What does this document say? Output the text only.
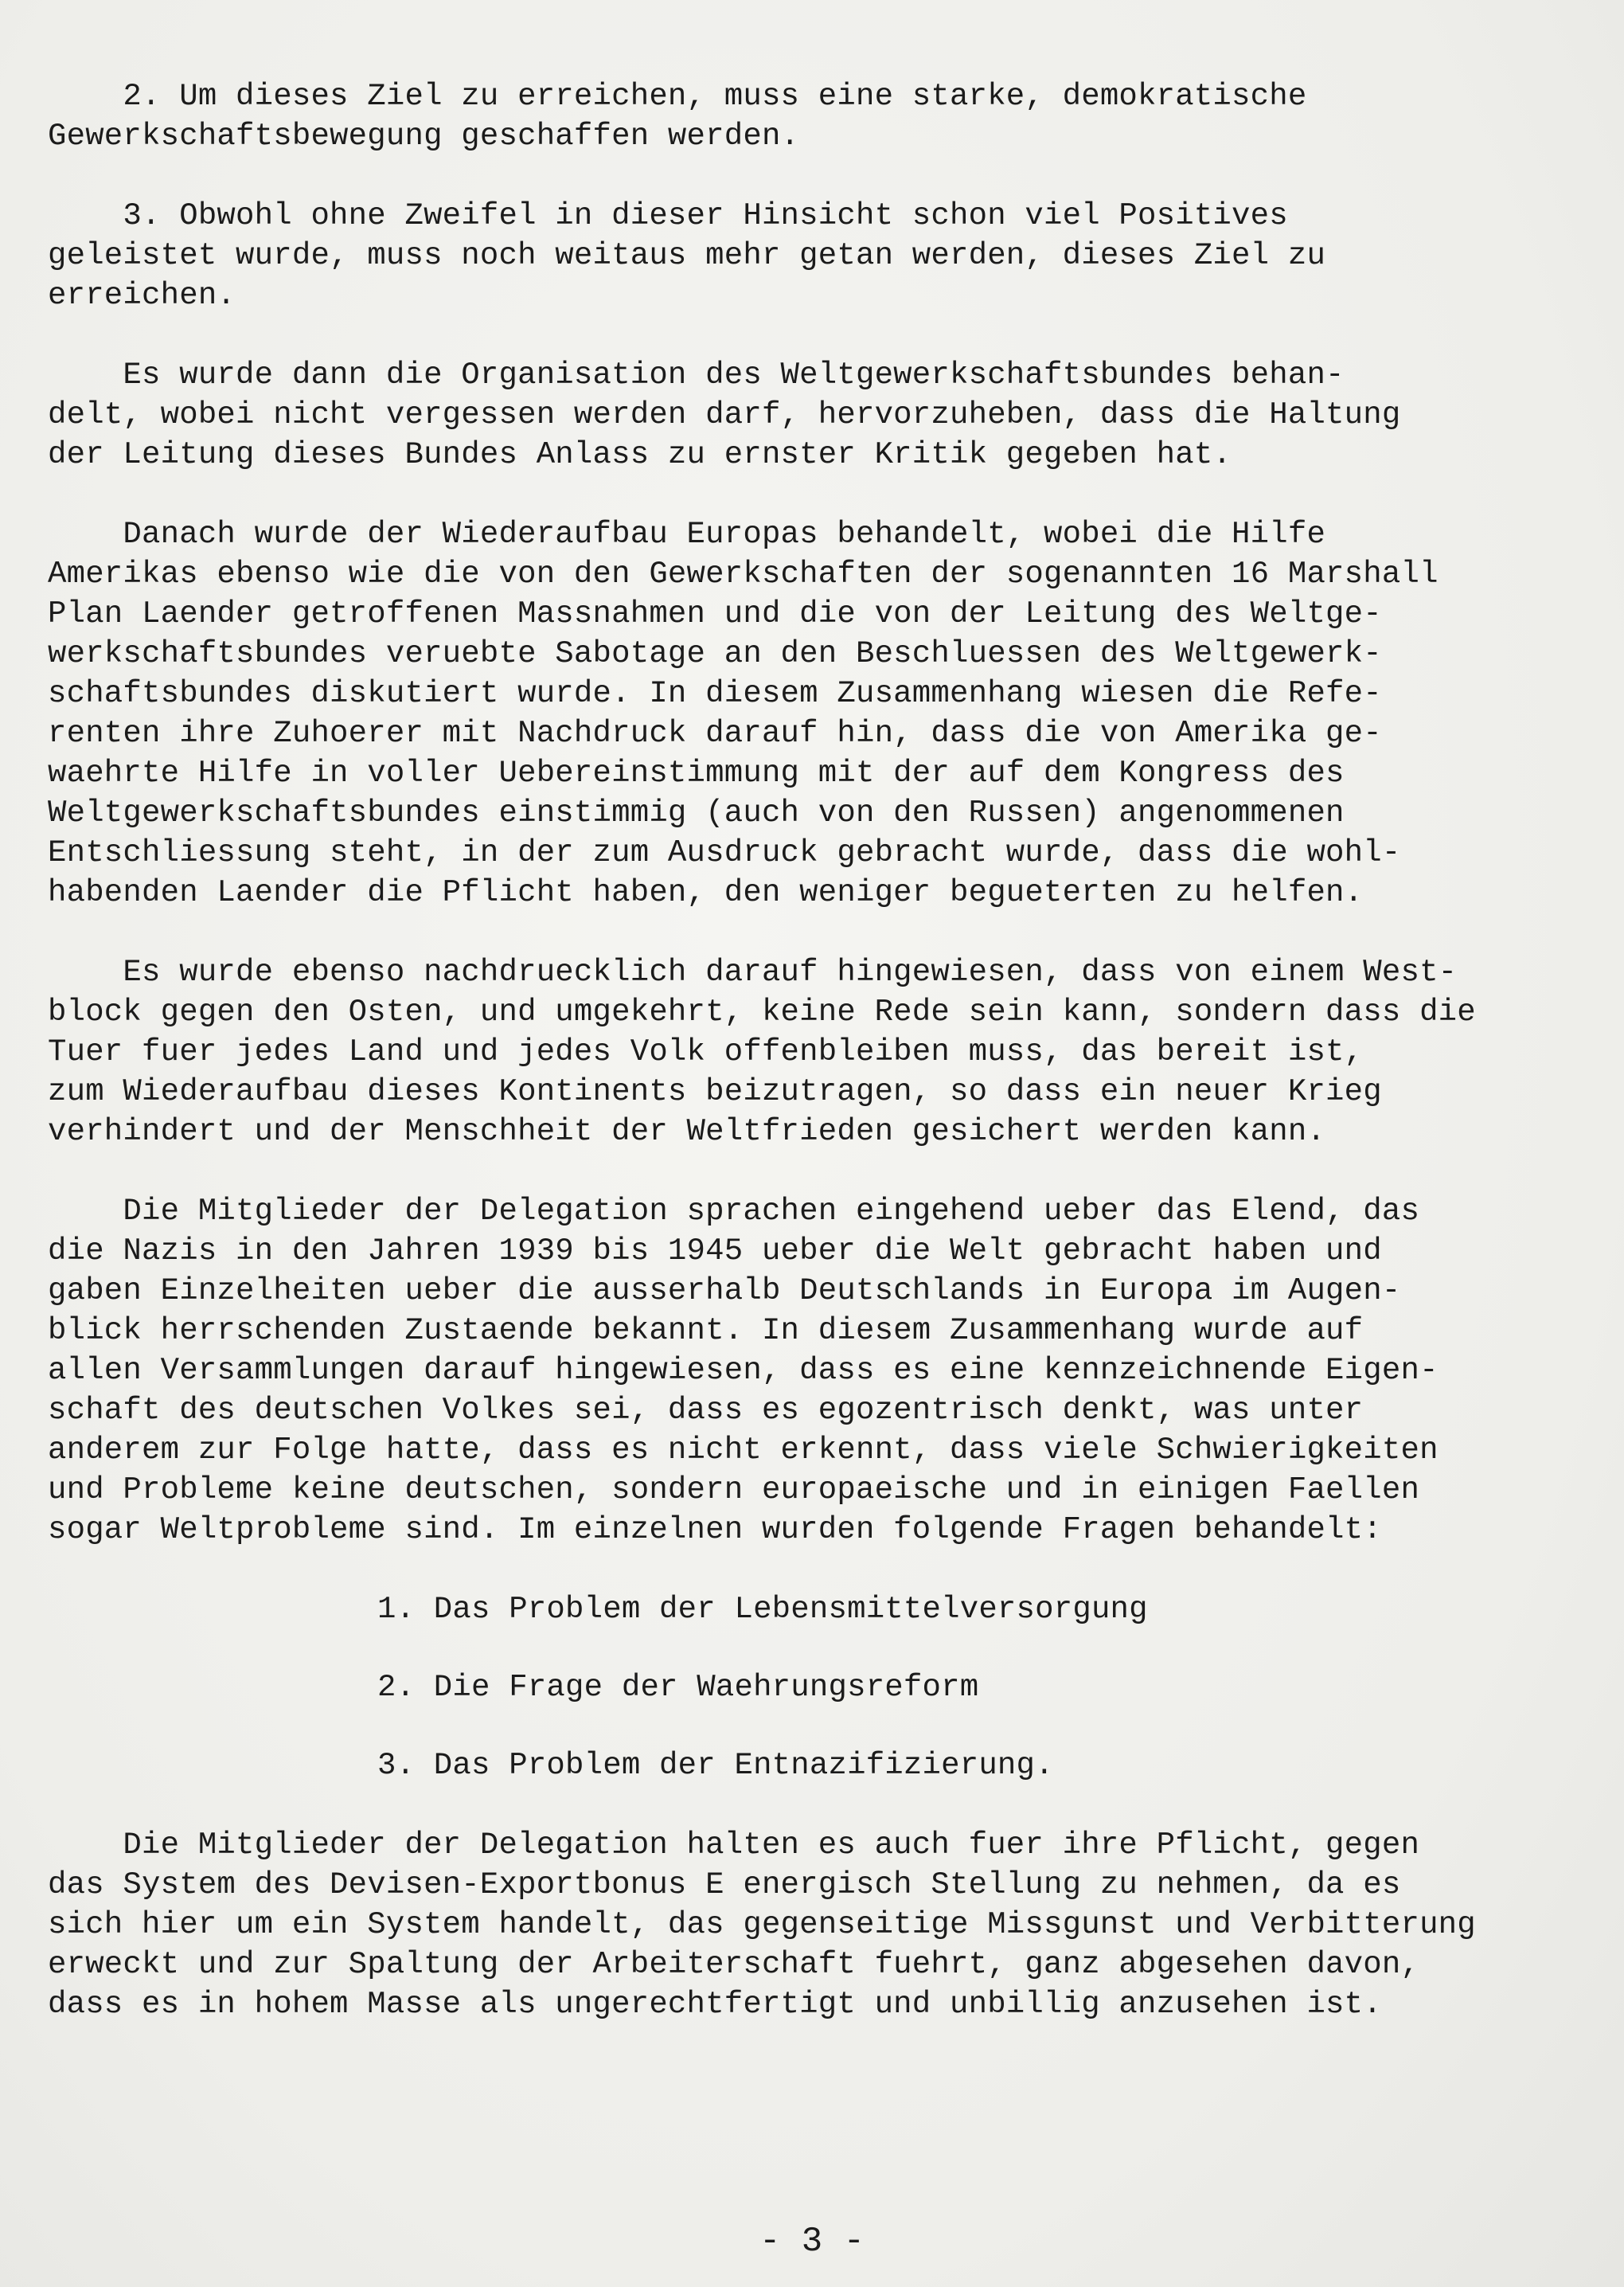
2. Um dieses Ziel zu erreichen, muss eine starke, demokratische
Gewerkschaftsbewegung geschaffen werden.
3. Obwohl ohne Zweifel in dieser Hinsicht schon viel Positives
geleistet wurde, muss noch weitaus mehr getan werden, dieses Ziel zu
erreichen.
Es wurde dann die Organisation des Weltgewerkschaftsbundes behan-
delt, wobei nicht vergessen werden darf, hervorzuheben, dass die Haltung
der Leitung dieses Bundes Anlass zu ernster Kritik gegeben hat.
Danach wurde der Wiederaufbau Europas behandelt, wobei die Hilfe
Amerikas ebenso wie die von den Gewerkschaften der sogenannten 16 Marshall
Plan Laender getroffenen Massnahmen und die von der Leitung des Weltge-
werkschaftsbundes veruebte Sabotage an den Beschluessen des Weltgewerk-
schaftsbundes diskutiert wurde. In diesem Zusammenhang wiesen die Refe-
renten ihre Zuhoerer mit Nachdruck darauf hin, dass die von Amerika ge-
waehrte Hilfe in voller Uebereinstimmung mit der auf dem Kongress des
Weltgewerkschaftsbundes einstimmig (auch von den Russen) angenommenen
Entschliessung steht, in der zum Ausdruck gebracht wurde, dass die wohl-
habenden Laender die Pflicht haben, den weniger begueterten zu helfen.
Es wurde ebenso nachdruecklich darauf hingewiesen, dass von einem West-
block gegen den Osten, und umgekehrt, keine Rede sein kann, sondern dass die
Tuer fuer jedes Land und jedes Volk offenbleiben muss, das bereit ist,
zum Wiederaufbau dieses Kontinents beizutragen, so dass ein neuer Krieg
verhindert und der Menschheit der Weltfrieden gesichert werden kann.
Die Mitglieder der Delegation sprachen eingehend ueber das Elend, das
die Nazis in den Jahren 1939 bis 1945 ueber die Welt gebracht haben und
gaben Einzelheiten ueber die ausserhalb Deutschlands in Europa im Augen-
blick herrschenden Zustaende bekannt. In diesem Zusammenhang wurde auf
allen Versammlungen darauf hingewiesen, dass es eine kennzeichnende Eigen-
schaft des deutschen Volkes sei, dass es egozentrisch denkt, was unter
anderem zur Folge hatte, dass es nicht erkennt, dass viele Schwierigkeiten
und Probleme keine deutschen, sondern europaeische und in einigen Faellen
sogar Weltprobleme sind. Im einzelnen wurden folgende Fragen behandelt:
1. Das Problem der Lebensmittelversorgung
2. Die Frage der Waehrungsreform
3. Das Problem der Entnazifizierung.
Die Mitglieder der Delegation halten es auch fuer ihre Pflicht, gegen
das System des Devisen-Exportbonus E energisch Stellung zu nehmen, da es
sich hier um ein System handelt, das gegenseitige Missgunst und Verbitterung
erweckt und zur Spaltung der Arbeiterschaft fuehrt, ganz abgesehen davon,
dass es in hohem Masse als ungerechtfertigt und unbillig anzusehen ist.
- 3 -
